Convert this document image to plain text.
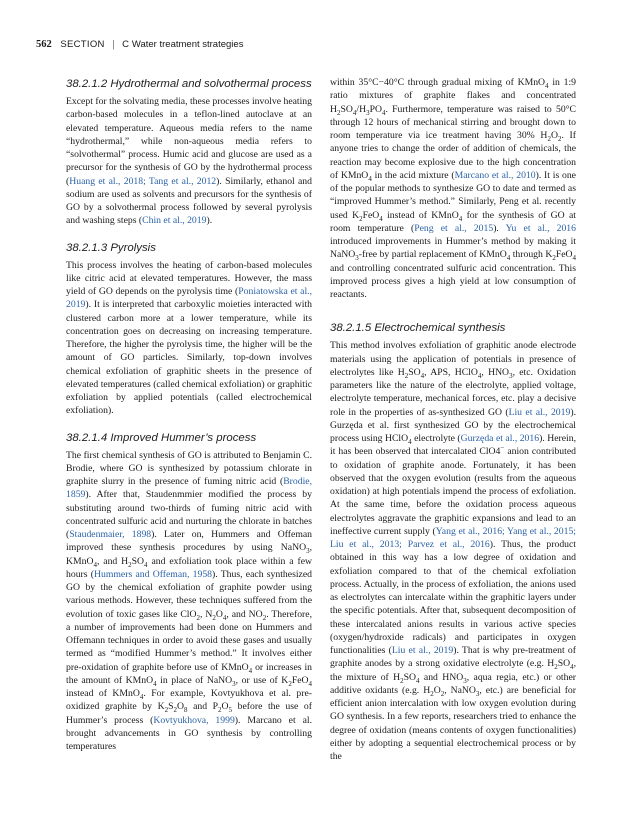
562 SECTION | C Water treatment strategies
38.2.1.2 Hydrothermal and solvothermal process

Except for the solvating media, these processes involve heating carbon-based molecules in a teflon-lined autoclave at an elevated temperature. Aqueous media refers to the name “hydrothermal,” while non-aqueous media refers to “solvothermal” process. Humic acid and glucose are used as a precursor for the synthesis of GO by the hydrothermal process (Huang et al., 2018; Tang et al., 2012). Similarly, ethanol and sodium are used as solvents and precursors for the synthesis of GO by a solvothermal process followed by several pyrolysis and washing steps (Chin et al., 2019).

38.2.1.3 Pyrolysis

This process involves the heating of carbon-based molecules like citric acid at elevated temperatures. However, the mass yield of GO depends on the pyrolysis time (Poniatowska et al., 2019). It is interpreted that carboxylic moieties interacted with clustered carbon more at a lower temperature, while its concentration goes on decreasing on increasing temperature. Therefore, the higher the pyrolysis time, the higher will be the amount of GO particles. Similarly, top-down involves chemical exfoliation of graphitic sheets in the presence of elevated temperatures (called chemical exfoliation) or graphitic exfoliation by applied potentials (called electrochemical exfoliation).

38.2.1.4 Improved Hummer’s process

The first chemical synthesis of GO is attributed to Benjamin C. Brodie, where GO is synthesized by potassium chlorate in graphite slurry in the presence of fuming nitric acid (Brodie, 1859). After that, Staudenmmier modified the process by substituting around two-thirds of fuming nitric acid with concentrated sulfuric acid and nurturing the chlorate in batches (Staudenmaier, 1898). Later on, Hummers and Offeman improved these synthesis procedures by using NaNO$_3$, KMnO$_4$, and $H_2SO_4$ and exfoliation took place within a few hours (Hummers and Offeman, 1958). Thus, each synthesized GO by the chemical exfoliation of graphite powder using various methods. However, these techniques suffered from the evolution of toxic gases like ClO$_2$, $N_2O_4$, and $NO_2$. Therefore, a number of improvements had been done on Hummers and Offemann techniques in order to avoid these gases and usually termed as “modified Hummer’s method.” It involves either pre-oxidation of graphite before use of KMnO$_4$ or increases in the amount of KMnO$_4$ in place of NaNO$_3$, or use of $K_2FeO_4$ instead of KMnO$_4$. For example, Kovtyukhova et al. pre-oxidized graphite by $K_2S_2O_8$ and $P_2O_5$ before the use of Hummer’s process (Kovtyukhova, 1999). Marcano et al. brought advancements in GO synthesis by controlling temperatures

within 35°C−40°C through gradual mixing of KMnO$_4$ in 1:9 ratio mixtures of graphite flakes and concentrated $H_2SO_4/H_3PO_4$. Furthermore, temperature was raised to 50°C through 12 hours of mechanical stirring and brought down to room temperature via ice treatment having 30% $H_2O_2$. If anyone tries to change the order of addition of chemicals, the reaction may become explosive due to the high concentration of KMnO$_4$ in the acid mixture (Marcano et al., 2010). It is one of the popular methods to synthesize GO to date and termed as “improved Hummer’s method.” Similarly, Peng et al. recently used $K_2FeO_4$ instead of KMnO$_4$ for the synthesis of GO at room temperature (Peng et al., 2015). Yu et al., 2016 introduced improvements in Hummer’s method by making it NaNO$_3$-free by partial replacement of KMnO$_4$ through $K_2FeO_4$ and controlling concentrated sulfuric acid concentration. This improved process gives a high yield at low consumption of reactants.

38.2.1.5 Electrochemical synthesis

This method involves exfoliation of graphitic anode electrode materials using the application of potentials in presence of electrolytes like $H_2SO_4$, APS, HClO$_4$, $HNO_3$, etc. Oxidation parameters like the nature of the electrolyte, applied voltage, electrolyte temperature, mechanical forces, etc. play a decisive role in the properties of as-synthesized GO (Liu et al., 2019). Gurzęda et al. first synthesized GO by the electrochemical process using HClO$_4$ electrolyte (Gurzęda et al., 2016). Herein, it has been observed that intercalated ClO4− anion contributed to oxidation of graphite anode. Fortunately, it has been observed that the oxygen evolution (results from the aqueous oxidation) at high potentials impend the process of exfoliation. At the same time, before the oxidation process aqueous electrolytes aggravate the graphitic expansions and lead to an ineffective current supply (Yang et al., 2016; Yang et al., 2015; Liu et al., 2013; Parvez et al., 2016). Thus, the product obtained in this way has a low degree of oxidation and exfoliation compared to that of the chemical exfoliation process. Actually, in the process of exfoliation, the anions used as electrolytes can intercalate within the graphitic layers under the specific potentials. After that, subsequent decomposition of these intercalated anions results in various active species (oxygen/hydroxide radicals) and participates in oxygen functionalities (Liu et al., 2019). That is why pre-treatment of graphite anodes by a strong oxidative electrolyte (e.g. $H_2SO_4$, the mixture of $H_2SO_4$ and $HNO_3$, aqua regia, etc.) or other additive oxidants (e.g. $H_2O_2$, NaNO$_3$, etc.) are beneficial for efficient anion intercalation with low oxygen evolution during GO synthesis. In a few reports, researchers tried to enhance the degree of oxidation (means contents of oxygen functionalities) either by adopting a sequential electrochemical process or by the
